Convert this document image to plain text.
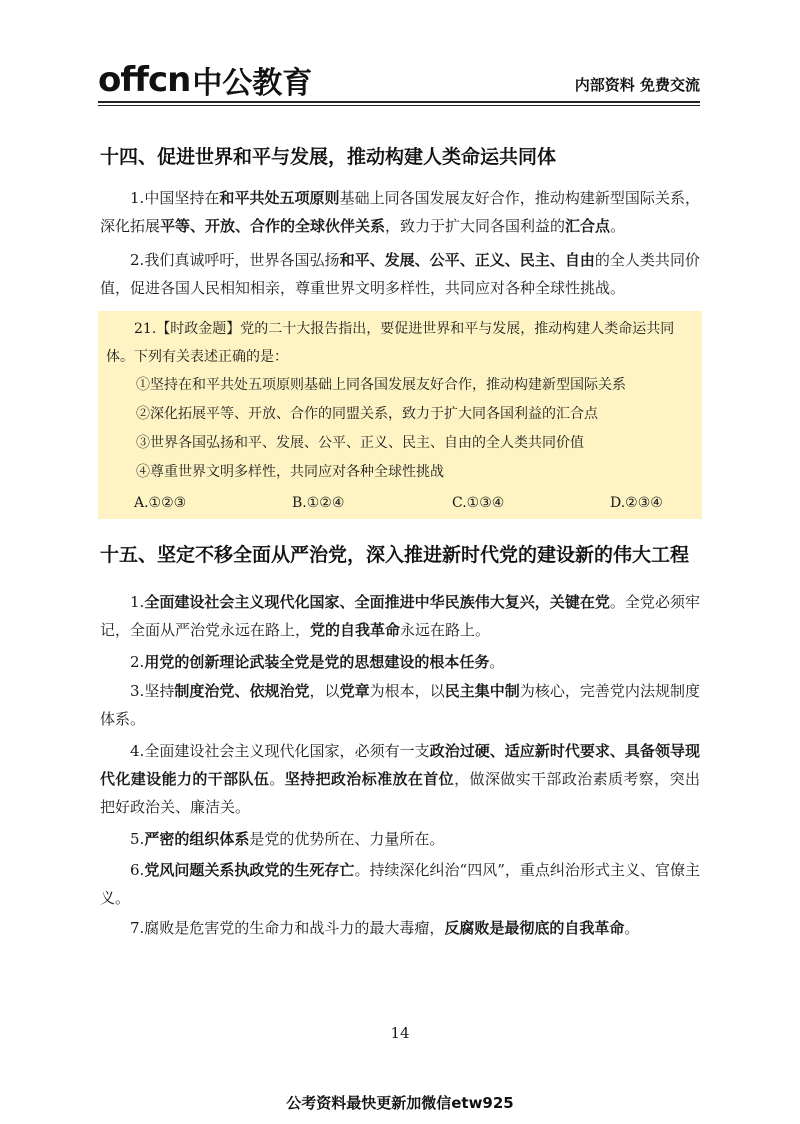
offcn 中公教育	内部资料 免费交流
十四、促进世界和平与发展，推动构建人类命运共同体
1.中国坚持在和平共处五项原则基础上同各国发展友好合作，推动构建新型国际关系，深化拓展平等、开放、合作的全球伙伴关系，致力于扩大同各国利益的汇合点。
2.我们真诚呼吁，世界各国弘扬和平、发展、公平、正义、民主、自由的全人类共同价值，促进各国人民相知相亲，尊重世界文明多样性，共同应对各种全球性挑战。
21.【时政金题】党的二十大报告指出，要促进世界和平与发展，推动构建人类命运共同体。下列有关表述正确的是：
①坚持在和平共处五项原则基础上同各国发展友好合作，推动构建新型国际关系
②深化拓展平等、开放、合作的同盟关系，致力于扩大同各国利益的汇合点
③世界各国弘扬和平、发展、公平、正义、民主、自由的全人类共同价值
④尊重世界文明多样性，共同应对各种全球性挑战
A.①②③	B.①②④	C.①③④	D.②③④
十五、坚定不移全面从严治党，深入推进新时代党的建设新的伟大工程
1.全面建设社会主义现代化国家、全面推进中华民族伟大复兴，关键在党。全党必须牢记，全面从严治党永远在路上，党的自我革命永远在路上。
2.用党的创新理论武装全党是党的思想建设的根本任务。
3.坚持制度治党、依规治党，以党章为根本，以民主集中制为核心，完善党内法规制度体系。
4.全面建设社会主义现代化国家，必须有一支政治过硬、适应新时代要求、具备领导现代化建设能力的干部队伍。坚持把政治标准放在首位，做深做实干部政治素质考察，突出把好政治关、廉洁关。
5.严密的组织体系是党的优势所在、力量所在。
6.党风问题关系执政党的生死存亡。持续深化纠治“四风”，重点纠治形式主义、官僚主义。
7.腐败是危害党的生命力和战斗力的最大毒瘤，反腐败是最彻底的自我革命。
14
公考资料最快更新加微信etw925
